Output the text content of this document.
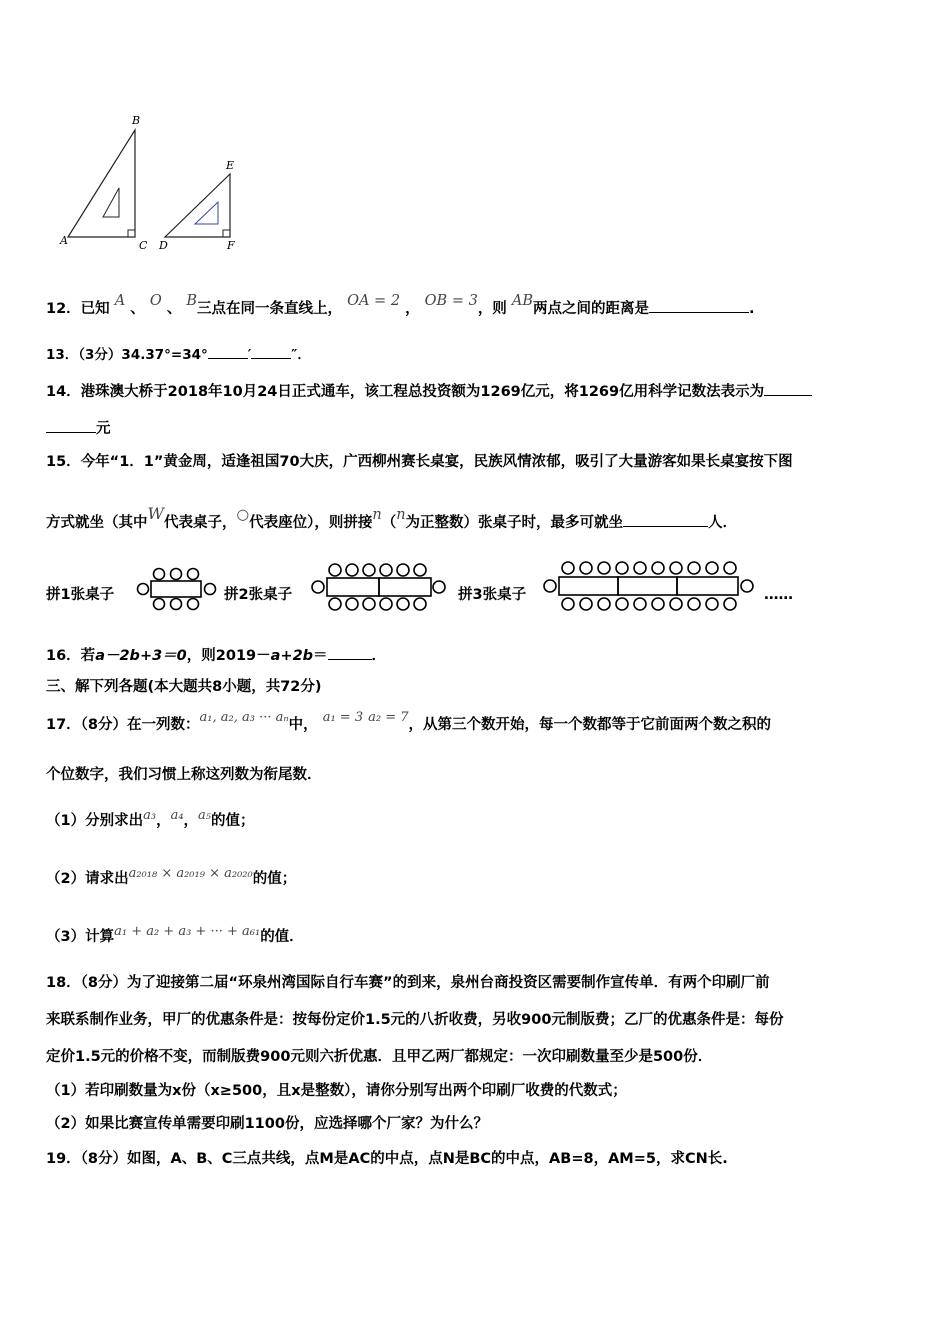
A
B
C D
E
F
12．已知 A 、 O 、 B三点在同一条直线上， OA = 2 ， OB = 3，则 AB两点之间的距离是	.
13．（3分）34.37°=34°	′	″．
14．港珠澳大桥于2018年10月24日正式通车，该工程总投资额为1269亿元，将1269亿用科学记数法表示为
元
15．今年“1．1”黄金周，适逢祖国70大庆，广西柳州赛长桌宴，民族风情浓郁，吸引了大量游客如果长桌宴按下图
方式就坐（其中W代表桌子，○代表座位），则拼接n（n为正整数）张桌子时，最多可就坐	人．
拼1张桌子	拼2张桌子	拼3张桌子	……
16．若a－2b+3＝0，则2019－a+2b＝	．
三、解下列各题(本大题共8小题，共72分)
17．（8分）在一列数：a₁, a₂, a₃ ··· aₙ中， a₁ = 3 a₂ = 7，从第三个数开始，每一个数都等于它前面两个数之积的
个位数字，我们习惯上称这列数为衔尾数．
（1）分别求出a₃，a₄，a₅的值；
（2）请求出a₂₀₁₈ × a₂₀₁₉ × a₂₀₂₀的值；
（3）计算a₁ + a₂ + a₃ + ··· + a₆₁的值．
18．（8分）为了迎接第二届“环泉州湾国际自行车赛”的到来，泉州台商投资区需要制作宣传单．有两个印刷厂前
来联系制作业务，甲厂的优惠条件是：按每份定价1.5元的八折收费，另收900元制版费；乙厂的优惠条件是：每份
定价1.5元的价格不变，而制版费900元则六折优惠．且甲乙两厂都规定：一次印刷数量至少是500份．
（1）若印刷数量为x份（x≥500，且x是整数），请你分别写出两个印刷厂收费的代数式；
（2）如果比赛宣传单需要印刷1100份，应选择哪个厂家？为什么？
19．（8分）如图，A、B、C三点共线，点M是AC的中点，点N是BC的中点，AB=8，AM=5，求CN长.
